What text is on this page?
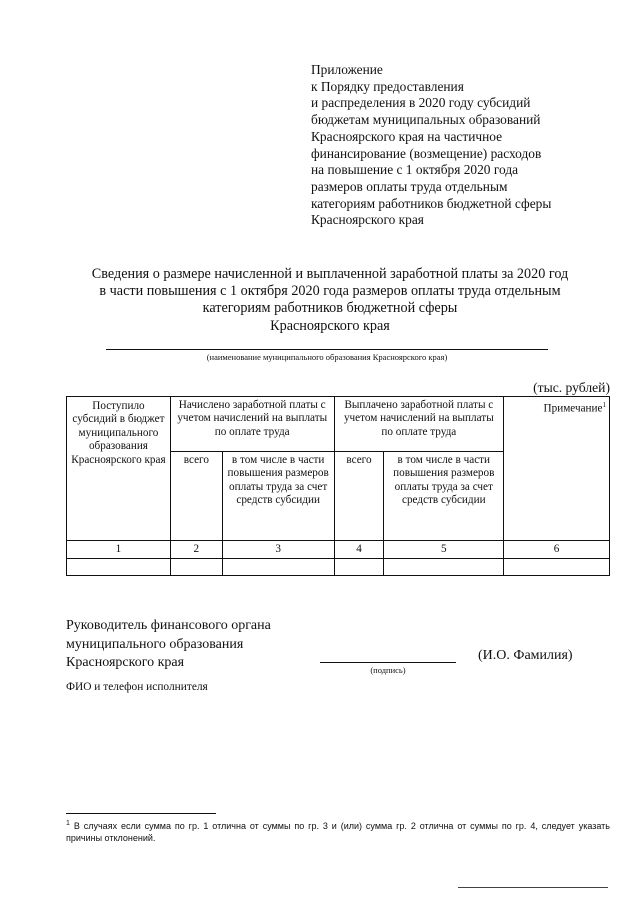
Приложение
к Порядку предоставления
и распределения в 2020 году субсидий
бюджетам муниципальных образований
Красноярского края на частичное
финансирование (возмещение) расходов
на повышение с 1 октября 2020 года
размеров оплаты труда отдельным
категориям работников бюджетной сферы
Красноярского края
Сведения о размере начисленной и выплаченной заработной платы за 2020 год
в части повышения с 1 октября 2020 года размеров оплаты труда отдельным
категориям работников бюджетной сферы
Красноярского края
(наименование муниципального образования Красноярского края)
(тыс. рублей)
Поступило субсидий в бюджет муниципального образования Красноярского края	Начислено заработной платы с учетом начислений на выплаты по оплате труда		Выплачено заработной платы с учетом начислений на выплаты по оплате труда		Примечание$^1$
	всего	в том числе в части повышения размеров оплаты труда за счет средств субсидии	всего	в том числе в части повышения размеров оплаты труда за счет средств субсидии	
1	2	3	4	5	6

Руководитель финансового органа
муниципального образования
Красноярского края	(подпись)
(И.О. Фамилия)
ФИО и телефон исполнителя
$^1$ В случаях если сумма по гр. 1 отлична от суммы по гр. 3 и (или) сумма гр. 2 отлична от суммы по гр. 4, следует указать причины отклонений.
